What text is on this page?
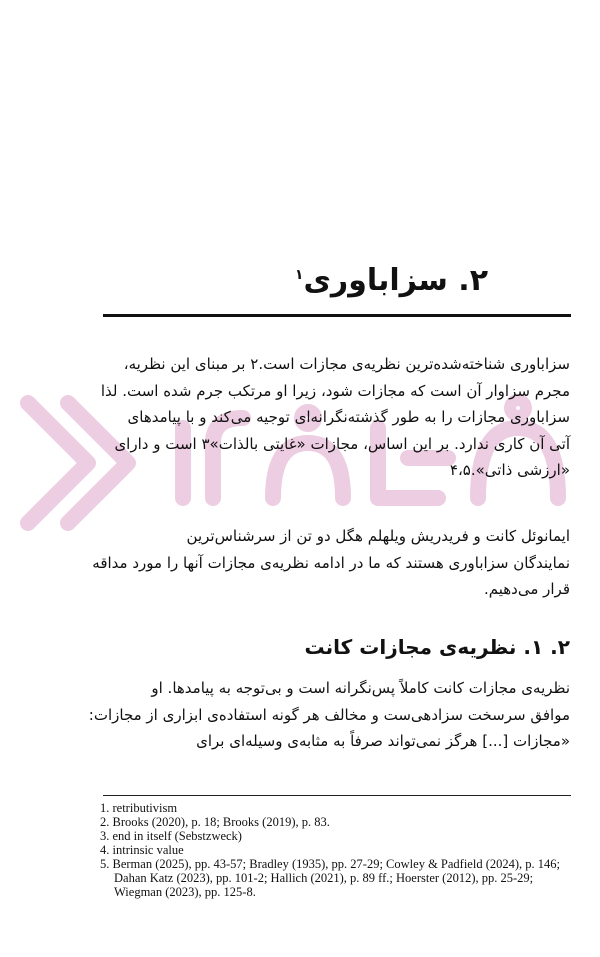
۲. سزاباوری$^۱$

سزاباوری شناخته‌شده‌ترین نظریه‌ی مجازات است.۲ بر مبنای این نظریه،

مجرم سزاوار آن است که مجازات شود، زیرا او مرتکب جرم شده است. لذا

سزاباوری مجازات را به طور گذشته‌نگرانه‌ای توجیه می‌کند و با پیامدهای

آتی آن کاری ندارد. بر این اساس، مجازات «غایتی بالذات»۳ است و دارای

«ارزشی ذاتی».۴،۵

ایمانوئل کانت و فریدریش ویلهلم هگل دو تن از سرشناس‌ترین

نمایندگان سزاباوری هستند که ما در ادامه نظریه‌ی مجازات آنها را مورد مداقه

قرار می‌دهیم.

۲. ۱. نظریه‌ی مجازات کانت

نظریه‌ی مجازات کانت کاملاً پس‌نگرانه است و بی‌توجه به پیامدها. او

موافق سرسخت سزادهی‌ست و مخالف هر گونه استفاده‌ی ابزاری از مجازات:

«مجازات [...] هرگز نمی‌تواند صرفاً به مثابه‌ی وسیله‌ای برای

1. retributivism

2. Brooks (2020), p. 18; Brooks (2019), p. 83.

3. end in itself (Sebstzweck)

4. intrinsic value

5. Berman (2025), pp. 43-57; Bradley (1935), pp. 27-29; Cowley & Padfield (2024), p. 146; Dahan Katz (2023), pp. 101-2; Hallich (2021), p. 89 ff.; Hoerster (2012), pp. 25-29; Wiegman (2023), pp. 125-8.
